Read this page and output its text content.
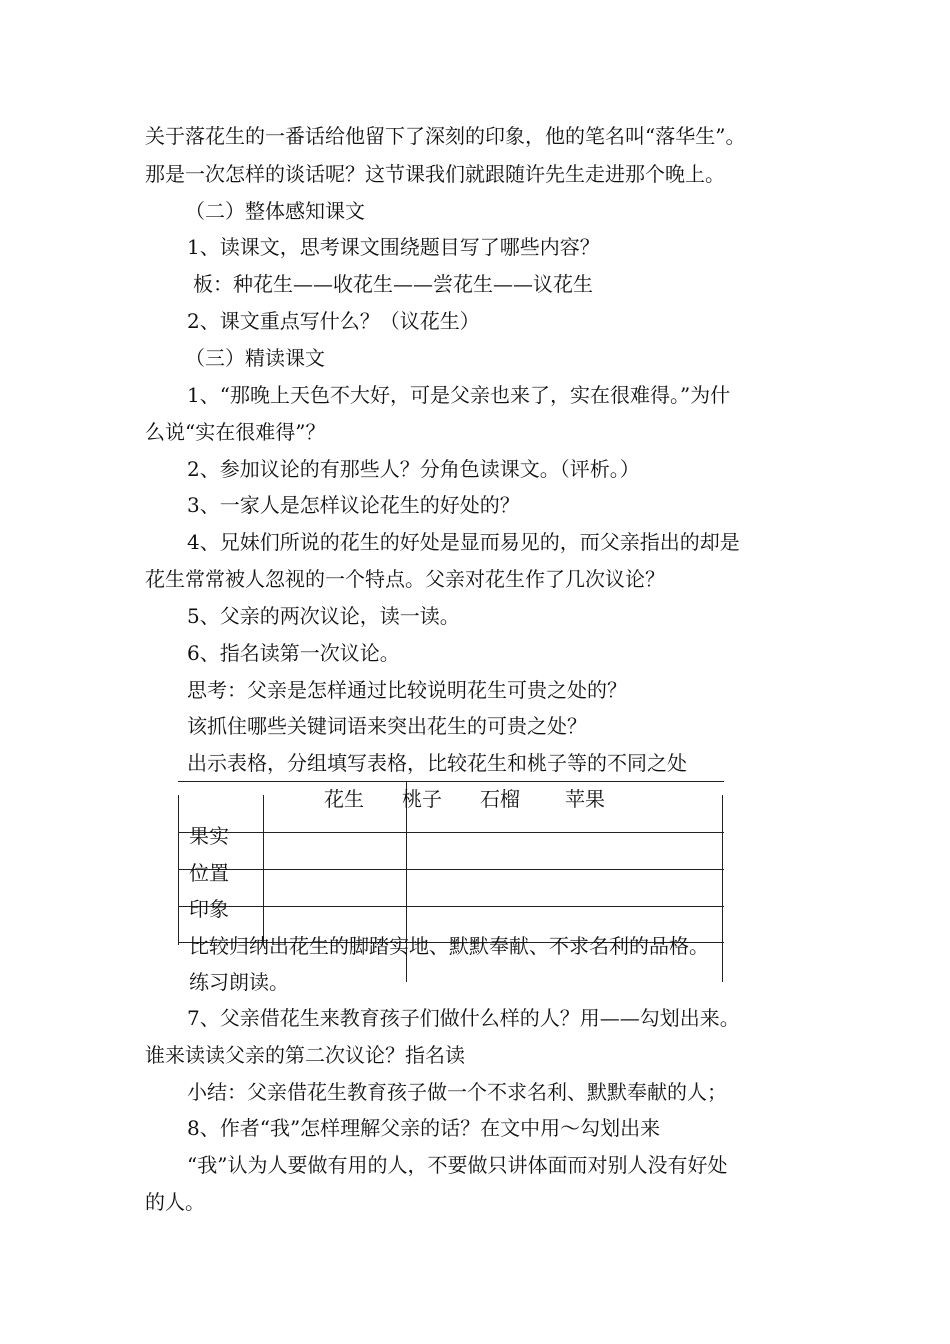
关于落花生的一番话给他留下了深刻的印象，他的笔名叫“落华生”。
那是一次怎样的谈话呢？这节课我们就跟随许先生走进那个晚上。
（二）整体感知课文
1、读课文，思考课文围绕题目写了哪些内容？
板：种花生——收花生——尝花生——议花生
2、课文重点写什么？（议花生）
（三）精读课文
1、“那晚上天色不大好，可是父亲也来了，实在很难得。”为什
么说“实在很难得”？
2、参加议论的有那些人？分角色读课文。（评析。）
3、一家人是怎样议论花生的好处的？
4、兄妹们所说的花生的好处是显而易见的，而父亲指出的却是
花生常常被人忽视的一个特点。父亲对花生作了几次议论？
5、父亲的两次议论，读一读。
6、指名读第一次议论。
思考：父亲是怎样通过比较说明花生可贵之处的？
该抓住哪些关键词语来突出花生的可贵之处？
出示表格，分组填写表格，比较花生和桃子等的不同之处
花生 桃子 石榴 苹果
果实
位置
印象
比较归纳出花生的脚踏实地、默默奉献、不求名利的品格。
练习朗读。
7、父亲借花生来教育孩子们做什么样的人？用——勾划出来。
谁来读读父亲的第二次议论？指名读
小结：父亲借花生教育孩子做一个不求名利、默默奉献的人；
8、作者“我”怎样理解父亲的话？在文中用～勾划出来
“我”认为人要做有用的人，不要做只讲体面而对别人没有好处
的人。
